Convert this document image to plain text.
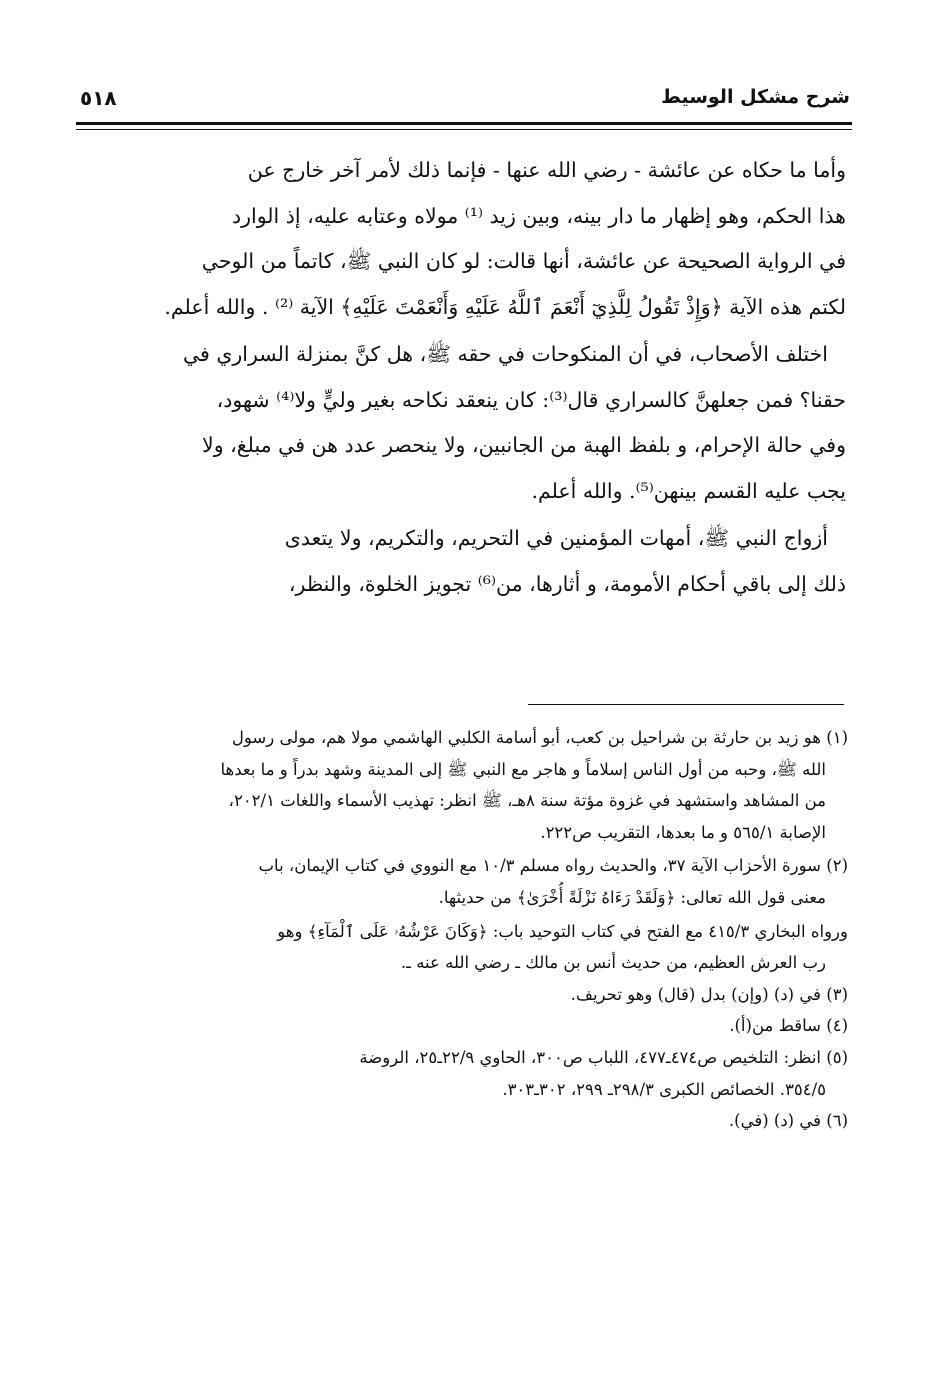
شرح مشكل الوسيط
٥١٨

وأما ما حكاه عن عائشة - رضي الله عنها - فإنما ذلك لأمر آخر خارج عن

هذا الحكم، وهو إظهار ما دار بينه، وبين زيد ⁽¹⁾ مولاه وعتابه عليه، إذ الوارد

في الرواية الصحيحة عن عائشة، أنها قالت: لو كان النبي ﷺ، كاتماً من الوحي

لكتم هذه الآية ﴿وَإِذْ تَقُولُ لِلَّذِيٓ أَنْعَمَ ٱللَّهُ عَلَيْهِ وَأَنْعَمْتَ عَلَيْهِ﴾ الآية ⁽²⁾ . والله أعلم.

اختلف الأصحاب، في أن المنكوحات في حقه ﷺ، هل كنَّ بمنزلة السراري في

حقنا؟ فمن جعلهنَّ كالسراري قال⁽³⁾: كان ينعقد نكاحه بغير وليٍّ ولا⁽⁴⁾ شهود،

وفي حالة الإحرام، و بلفظ الهبة من الجانبين، ولا ينحصر عدد هن في مبلغ، ولا

يجب عليه القسم بينهن⁽⁵⁾. والله أعلم.

أزواج النبي ﷺ، أمهات المؤمنين في التحريم، والتكريم، ولا يتعدى

ذلك إلى باقي أحكام الأمومة، و أثارها، من⁽⁶⁾ تجويز الخلوة، والنظر،

(١) هو زيد بن حارثة بن شراحيل بن كعب، أبو أسامة الكلبي الهاشمي مولا هم، مولى رسول

الله ﷺ، وحبه من أول الناس إسلاماً و هاجر مع النبي ﷺ إلى المدينة وشهد بدراً و ما بعدها

من المشاهد واستشهد في غزوة مؤتة سنة ٨هـ، ﷺ انظر: تهذيب الأسماء واللغات ٢٠٢/١،

الإصابة ٥٦٥/١ و ما بعدها، التقريب ص٢٢٢.

(٢) سورة الأحزاب الآية ٣٧، والحديث رواه مسلم ١٠/٣ مع النووي في كتاب الإيمان، باب

معنى قول الله تعالى: ﴿وَلَقَدْ رَءَاهُ نَزْلَةً أُخْرَىٰ﴾ من حديثها.

ورواه البخاري ٤١٥/٣ مع الفتح في كتاب التوحيد باب: ﴿وَكَانَ عَرْشُهُۥ عَلَى ٱلْمَآءِ﴾ وهو

رب العرش العظيم، من حديث أنس بن مالك ـ رضي الله عنه ـ.

(٣) في (د) (وإن) بدل (قال) وهو تحريف.

(٤) ساقط من(أ).

(٥) انظر: التلخيص ص٤٧٤ـ٤٧٧، اللباب ص٣٠٠، الحاوي ٢٢/٩ـ٢٥، الروضة

٣٥٤/٥. الخصائص الكبرى ٢٩٨/٣ـ ٢٩٩، ٣٠٢ـ٣٠٣.

(٦) في (د) (في).
